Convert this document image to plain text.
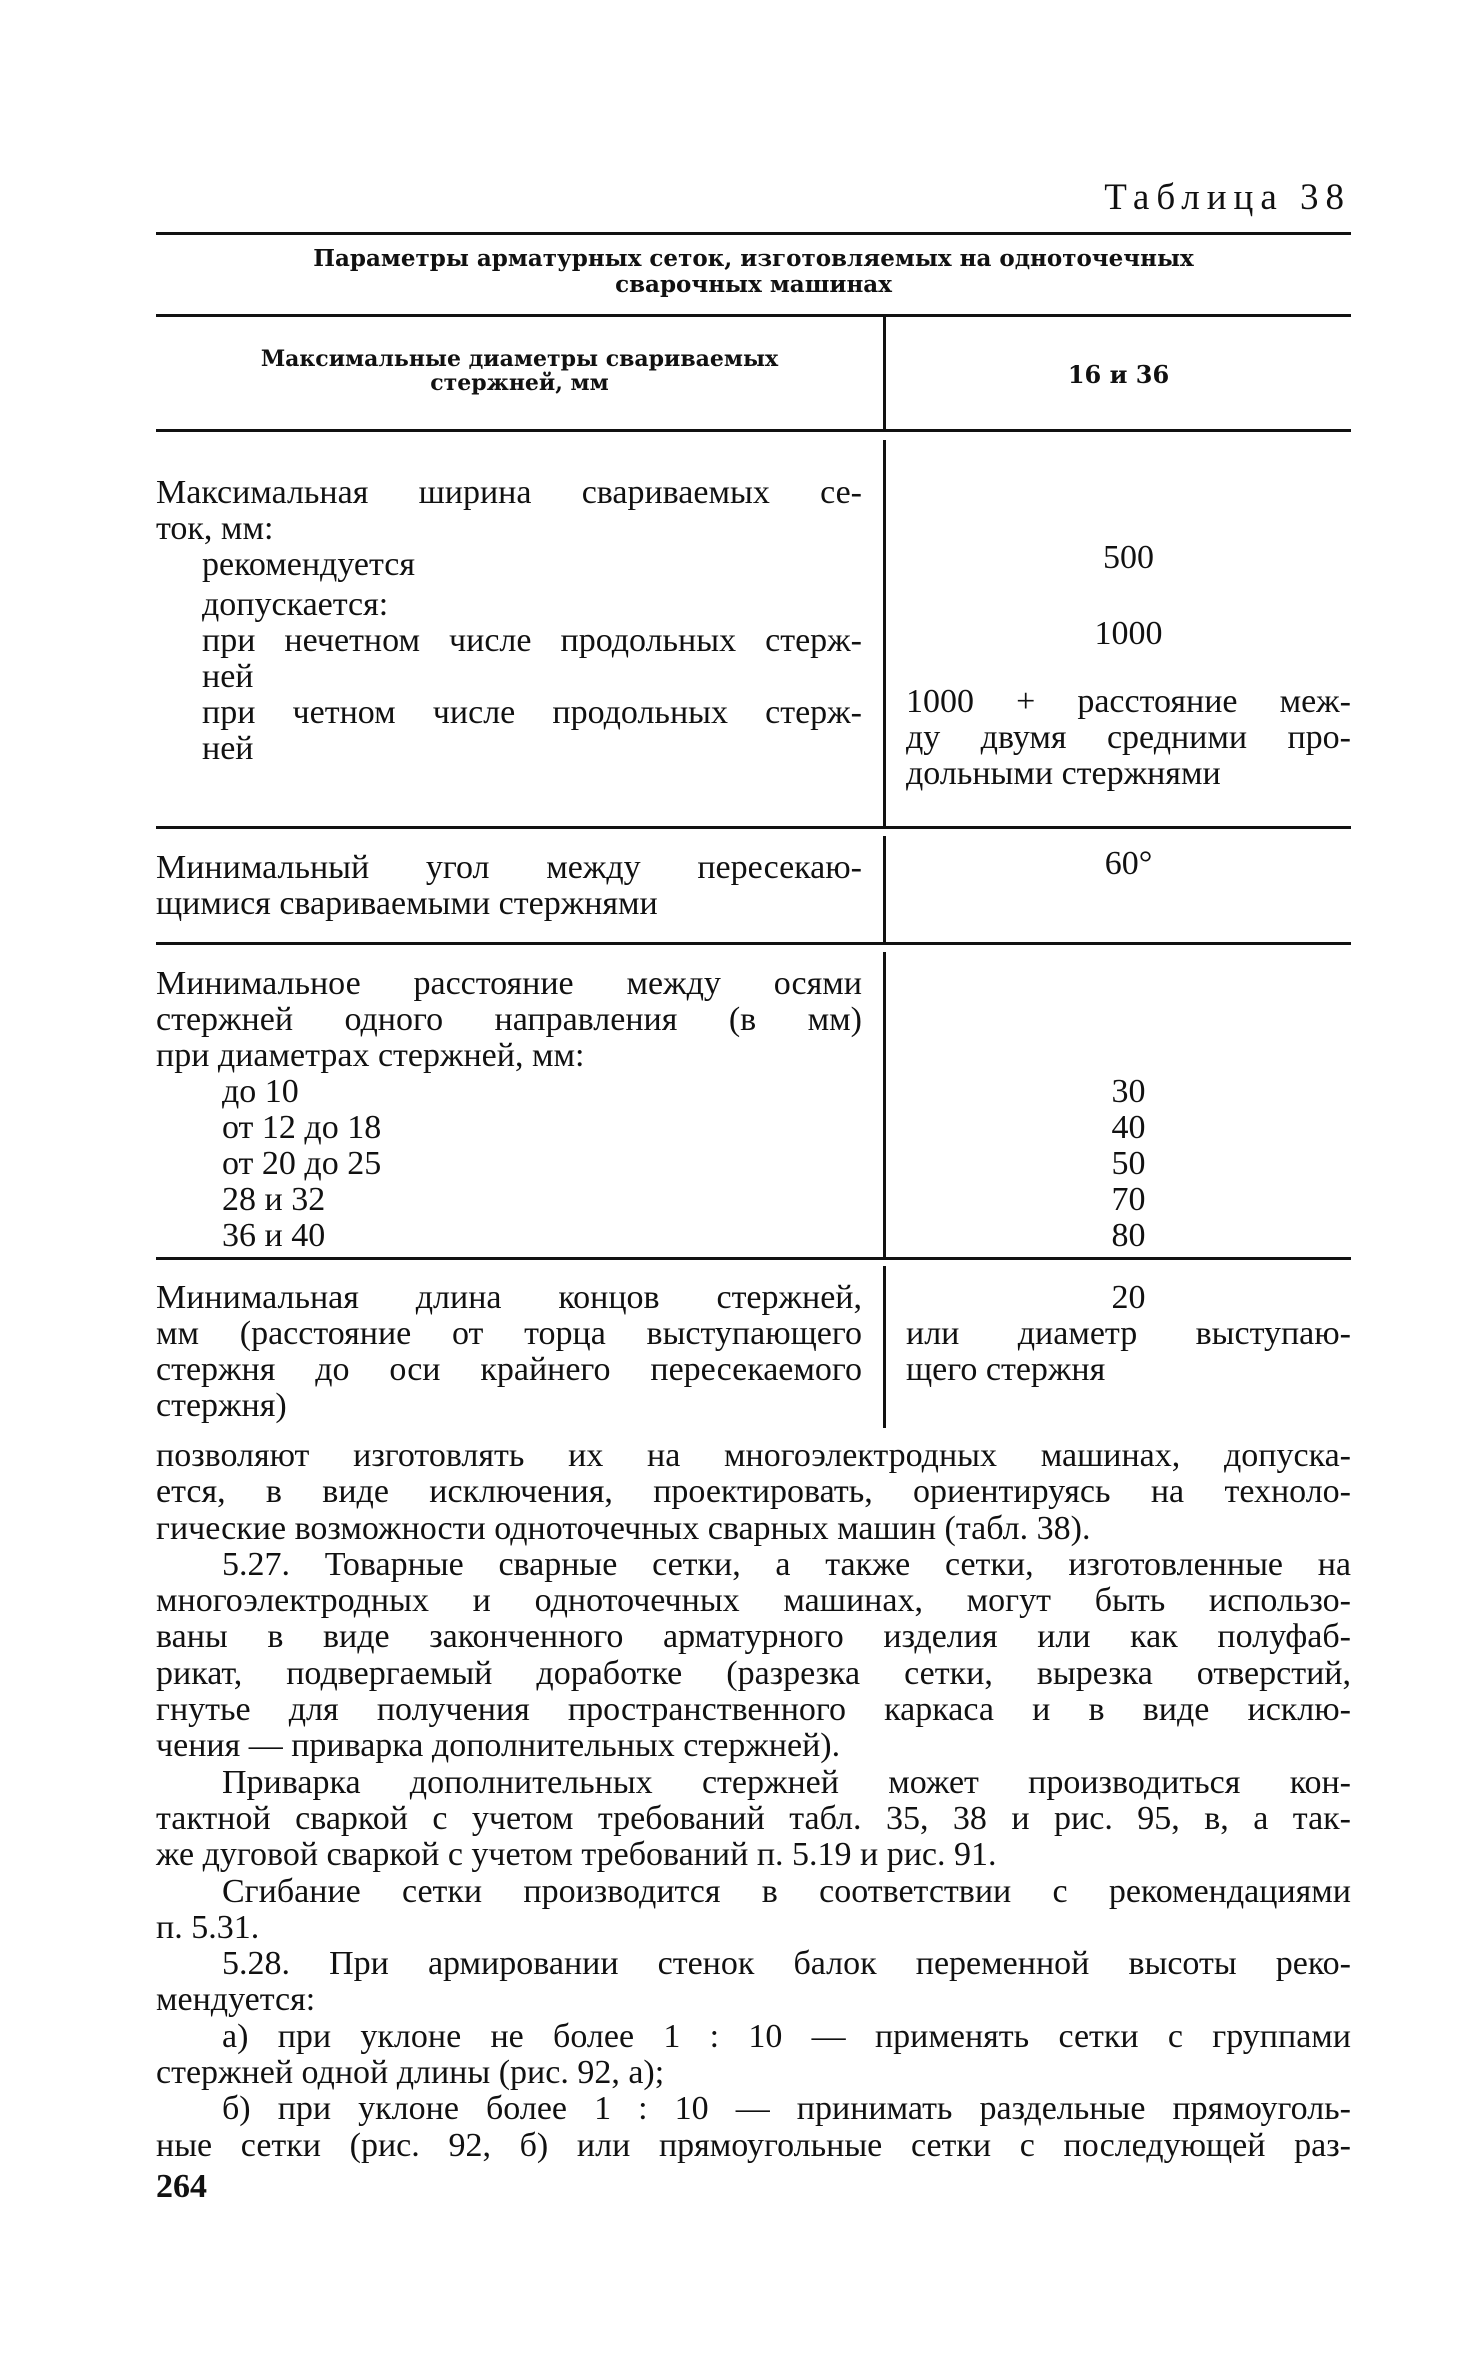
Таблица 38
Параметры арматурных сеток, изготовляемых на одноточечных
сварочных машинах
Максимальные диаметры свариваемых
стержней, мм	16 и 36
Максимальная ширина свариваемых се-
ток, мм:
рекомендуется
допускается:
при нечетном числе продольных стерж-
ней
при четном числе продольных стерж-
ней
500
1000
1000 + расстояние меж-
ду двумя средними про-
дольными стержнями
Минимальный угол между пересекаю-
щимися свариваемыми стержнями
60°
Минимальное расстояние между осями
стержней одного направления (в мм)
при диаметрах стержней, мм:
до 10
от 12 до 18
от 20 до 25
28 и 32
36 и 40
30
40
50
70
80
Минимальная длина концов стержней,
мм (расстояние от торца выступающего
стержня до оси крайнего пересекаемого
стержня)
20
или диаметр выступаю-
щего стержня
позволяют изготовлять их на многоэлектродных машинах, допуска-
ется, в виде исключения, проектировать, ориентируясь на техноло-
гические возможности одноточечных сварных машин (табл. 38).
5.27. Товарные сварные сетки, а также сетки, изготовленные на
многоэлектродных и одноточечных машинах, могут быть использо-
ваны в виде законченного арматурного изделия или как полуфаб-
рикат, подвергаемый доработке (разрезка сетки, вырезка отверстий,
гнутье для получения пространственного каркаса и в виде исклю-
чения — приварка дополнительных стержней).
Приварка дополнительных стержней может производиться кон-
тактной сваркой с учетом требований табл. 35, 38 и рис. 95, в, а так-
же дуговой сваркой с учетом требований п. 5.19 и рис. 91.
Сгибание сетки производится в соответствии с рекомендациями
п. 5.31.
5.28. При армировании стенок балок переменной высоты реко-
мендуется:
а) при уклоне не более 1 : 10 — применять сетки с группами
стержней одной длины (рис. 92, а);
б) при уклоне более 1 : 10 — принимать раздельные прямоуголь-
ные сетки (рис. 92, б) или прямоугольные сетки с последующей раз-
264
